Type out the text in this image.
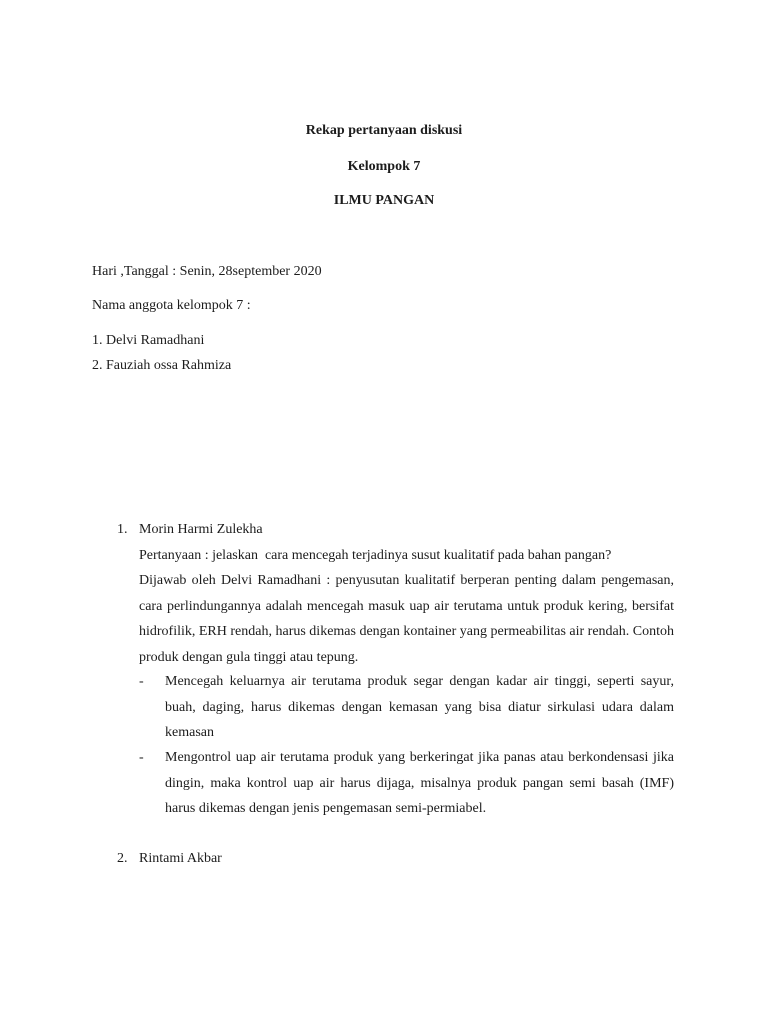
Rekap pertanyaan diskusi
Kelompok 7
ILMU PANGAN
Hari ,Tanggal : Senin, 28september 2020
Nama anggota kelompok 7 :
1. Delvi Ramadhani
2. Fauziah ossa Rahmiza
1. Morin Harmi Zulekha
Pertanyaan : jelaskan  cara mencegah terjadinya susut kualitatif pada bahan pangan?
Dijawab oleh Delvi Ramadhani : penyusutan kualitatif berperan penting dalam pengemasan, cara perlindungannya adalah mencegah masuk uap air terutama untuk produk kering, bersifat hidrofilik, ERH rendah, harus dikemas dengan kontainer yang permeabilitas air rendah. Contoh produk dengan gula tinggi atau tepung.
- Mencegah keluarnya air terutama produk segar dengan kadar air tinggi, seperti sayur, buah, daging, harus dikemas dengan kemasan yang bisa diatur sirkulasi udara dalam kemasan
- Mengontrol uap air terutama produk yang berkeringat jika panas atau berkondensasi jika dingin, maka kontrol uap air harus dijaga, misalnya produk pangan semi basah (IMF) harus dikemas dengan jenis pengemasan semi-permiabel.
2. Rintami Akbar
